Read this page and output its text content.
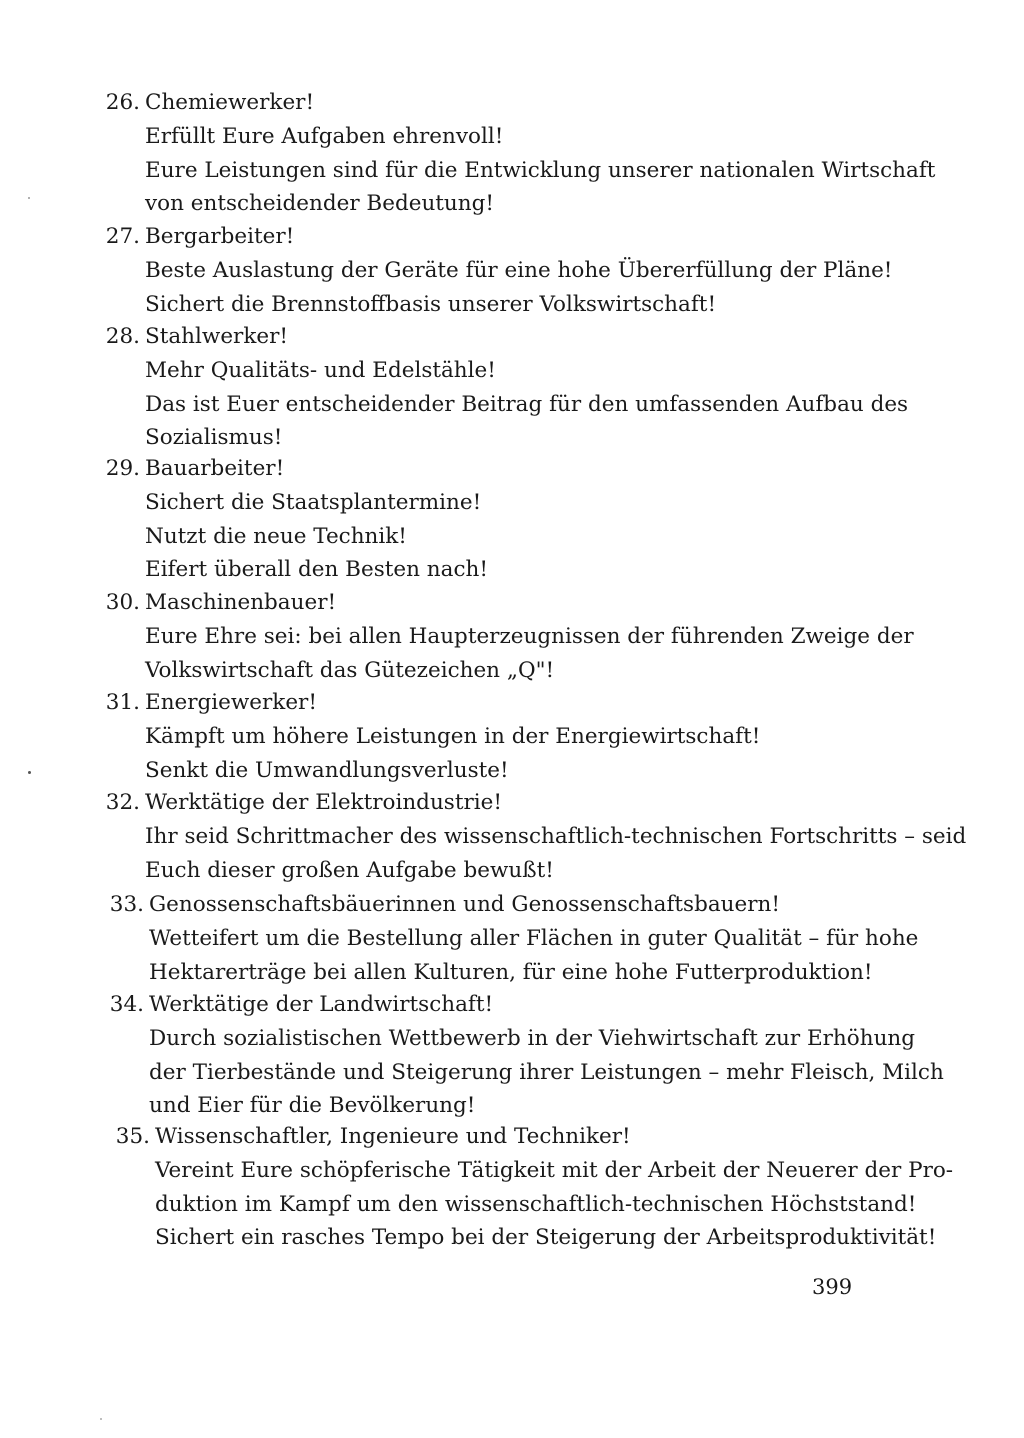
26. Chemiewerker!
Erfüllt Eure Aufgaben ehrenvoll!
Eure Leistungen sind für die Entwicklung unserer nationalen Wirtschaft
von entscheidender Bedeutung!
27. Bergarbeiter!
Beste Auslastung der Geräte für eine hohe Übererfüllung der Pläne!
Sichert die Brennstoffbasis unserer Volkswirtschaft!
28. Stahlwerker!
Mehr Qualitäts- und Edelstähle!
Das ist Euer entscheidender Beitrag für den umfassenden Aufbau des
Sozialismus!
29. Bauarbeiter!
Sichert die Staatsplantermine!
Nutzt die neue Technik!
Eifert überall den Besten nach!
30. Maschinenbauer!
Eure Ehre sei: bei allen Haupterzeugnissen der führenden Zweige der
Volkswirtschaft das Gütezeichen „Q"!
31. Energiewerker!
Kämpft um höhere Leistungen in der Energiewirtschaft!
Senkt die Umwandlungsverluste!
32. Werktätige der Elektroindustrie!
Ihr seid Schrittmacher des wissenschaftlich-technischen Fortschritts – seid
Euch dieser großen Aufgabe bewußt!
33. Genossenschaftsbäuerinnen und Genossenschaftsbauern!
Wetteifert um die Bestellung aller Flächen in guter Qualität – für hohe
Hektarerträge bei allen Kulturen, für eine hohe Futterproduktion!
34. Werktätige der Landwirtschaft!
Durch sozialistischen Wettbewerb in der Viehwirtschaft zur Erhöhung
der Tierbestände und Steigerung ihrer Leistungen – mehr Fleisch, Milch
und Eier für die Bevölkerung!
35. Wissenschaftler, Ingenieure und Techniker!
Vereint Eure schöpferische Tätigkeit mit der Arbeit der Neuerer der Pro-
duktion im Kampf um den wissenschaftlich-technischen Höchststand!
Sichert ein rasches Tempo bei der Steigerung der Arbeitsproduktivität!
399
